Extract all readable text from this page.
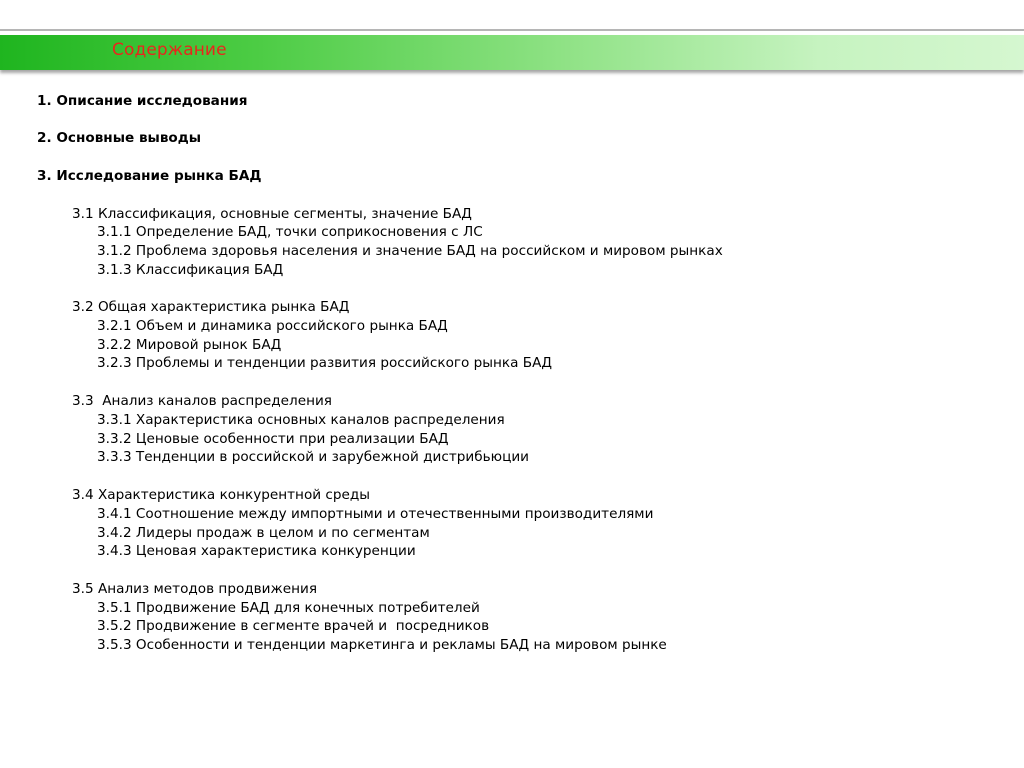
Содержание
1. Описание исследования
2. Основные выводы
3. Исследование рынка БАД
3.1 Классификация, основные сегменты, значение БАД
3.1.1 Определение БАД, точки соприкосновения с ЛС
3.1.2 Проблема здоровья населения и значение БАД на российском и мировом рынках
3.1.3 Классификация БАД
3.2 Общая характеристика рынка БАД
3.2.1 Объем и динамика российского рынка БАД
3.2.2 Мировой рынок БАД
3.2.3 Проблемы и тенденции развития российского рынка БАД
3.3  Анализ каналов распределения
3.3.1 Характеристика основных каналов распределения
3.3.2 Ценовые особенности при реализации БАД
3.3.3 Тенденции в российской и зарубежной дистрибьюции
3.4 Характеристика конкурентной среды
3.4.1 Соотношение между импортными и отечественными производителями
3.4.2 Лидеры продаж в целом и по сегментам
3.4.3 Ценовая характеристика конкуренции
3.5 Анализ методов продвижения
3.5.1 Продвижение БАД для конечных потребителей
3.5.2 Продвижение в сегменте врачей и  посредников
3.5.3 Особенности и тенденции маркетинга и рекламы БАД на мировом рынке
